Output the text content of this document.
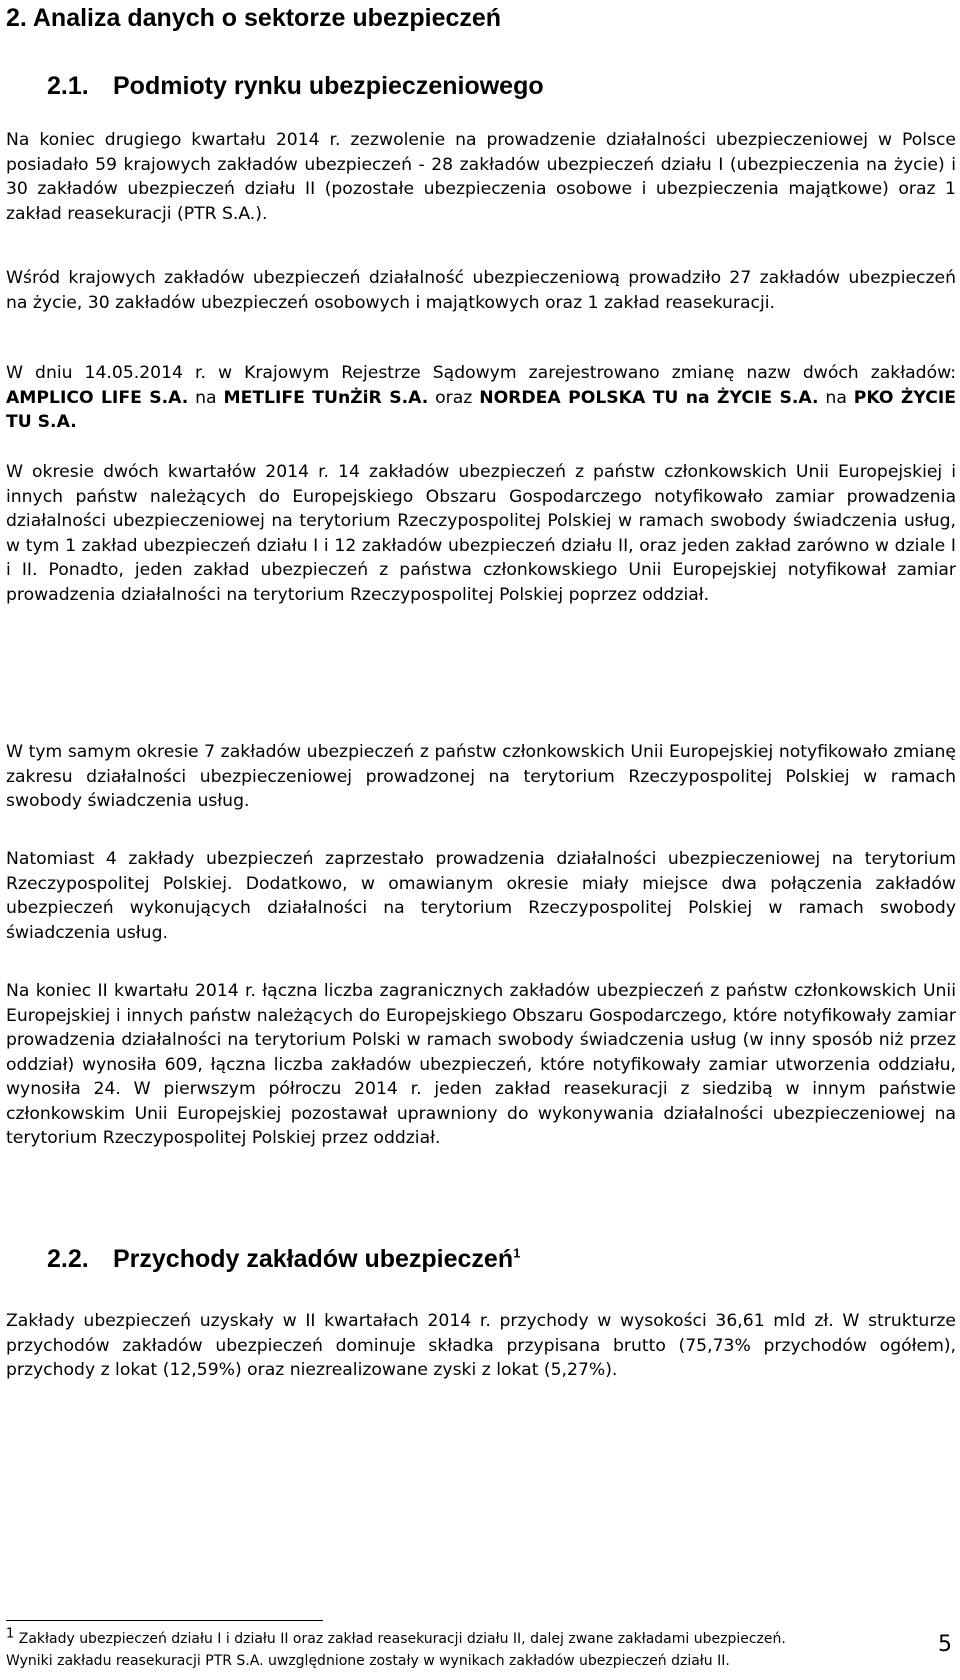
2. Analiza danych o sektorze ubezpieczeń
2.1. Podmioty rynku ubezpieczeniowego

Na koniec drugiego kwartału 2014 r. zezwolenie na prowadzenie działalności ubezpieczeniowej w Polsce posiadało 59 krajowych zakładów ubezpieczeń - 28 zakładów ubezpieczeń działu I (ubezpieczenia na życie) i 30 zakładów ubezpieczeń działu II (pozostałe ubezpieczenia osobowe i ubezpieczenia majątkowe) oraz 1 zakład reasekuracji (PTR S.A.).

Wśród krajowych zakładów ubezpieczeń działalność ubezpieczeniową prowadziło 27 zakładów ubezpieczeń na życie, 30 zakładów ubezpieczeń osobowych i majątkowych oraz 1 zakład reasekuracji.

W dniu 14.05.2014 r. w Krajowym Rejestrze Sądowym zarejestrowano zmianę nazw dwóch zakładów: AMPLICO LIFE S.A. na METLIFE TUnŻiR S.A. oraz NORDEA POLSKA TU na ŻYCIE S.A. na PKO ŻYCIE TU S.A.

W okresie dwóch kwartałów 2014 r. 14 zakładów ubezpieczeń z państw członkowskich Unii Europejskiej i innych państw należących do Europejskiego Obszaru Gospodarczego notyfikowało zamiar prowadzenia działalności ubezpieczeniowej na terytorium Rzeczypospolitej Polskiej w ramach swobody świadczenia usług, w tym 1 zakład ubezpieczeń działu I i 12 zakładów ubezpieczeń działu II, oraz jeden zakład zarówno w dziale I i II. Ponadto, jeden zakład ubezpieczeń z państwa członkowskiego Unii Europejskiej notyfikował zamiar prowadzenia działalności na terytorium Rzeczypospolitej Polskiej poprzez oddział.

W tym samym okresie 7 zakładów ubezpieczeń z państw członkowskich Unii Europejskiej notyfikowało zmianę zakresu działalności ubezpieczeniowej prowadzonej na terytorium Rzeczypospolitej Polskiej w ramach swobody świadczenia usług.

Natomiast 4 zakłady ubezpieczeń zaprzestało prowadzenia działalności ubezpieczeniowej na terytorium Rzeczypospolitej Polskiej. Dodatkowo, w omawianym okresie miały miejsce dwa połączenia zakładów ubezpieczeń wykonujących działalności na terytorium Rzeczypospolitej Polskiej w ramach swobody świadczenia usług.

Na koniec II kwartału 2014 r. łączna liczba zagranicznych zakładów ubezpieczeń z państw członkowskich Unii Europejskiej i innych państw należących do Europejskiego Obszaru Gospodarczego, które notyfikowały zamiar prowadzenia działalności na terytorium Polski w ramach swobody świadczenia usług (w inny sposób niż przez oddział) wynosiła 609, łączna liczba zakładów ubezpieczeń, które notyfikowały zamiar utworzenia oddziału, wynosiła 24. W pierwszym półroczu 2014 r. jeden zakład reasekuracji z siedzibą w innym państwie członkowskim Unii Europejskiej pozostawał uprawniony do wykonywania działalności ubezpieczeniowej na terytorium Rzeczypospolitej Polskiej przez oddział.

2.2. Przychody zakładów ubezpieczeń$^1$

Zakłady ubezpieczeń uzyskały w II kwartałach 2014 r. przychody w wysokości 36,61 mld zł. W strukturze przychodów zakładów ubezpieczeń dominuje składka przypisana brutto (75,73% przychodów ogółem), przychody z lokat (12,59%) oraz niezrealizowane zyski z lokat (5,27%).

$^1$ Zakłady ubezpieczeń działu I i działu II oraz zakład reasekuracji działu II, dalej zwane zakładami ubezpieczeń.
Wyniki zakładu reasekuracji PTR S.A. uwzględnione zostały w wynikach zakładów ubezpieczeń działu II.
5
